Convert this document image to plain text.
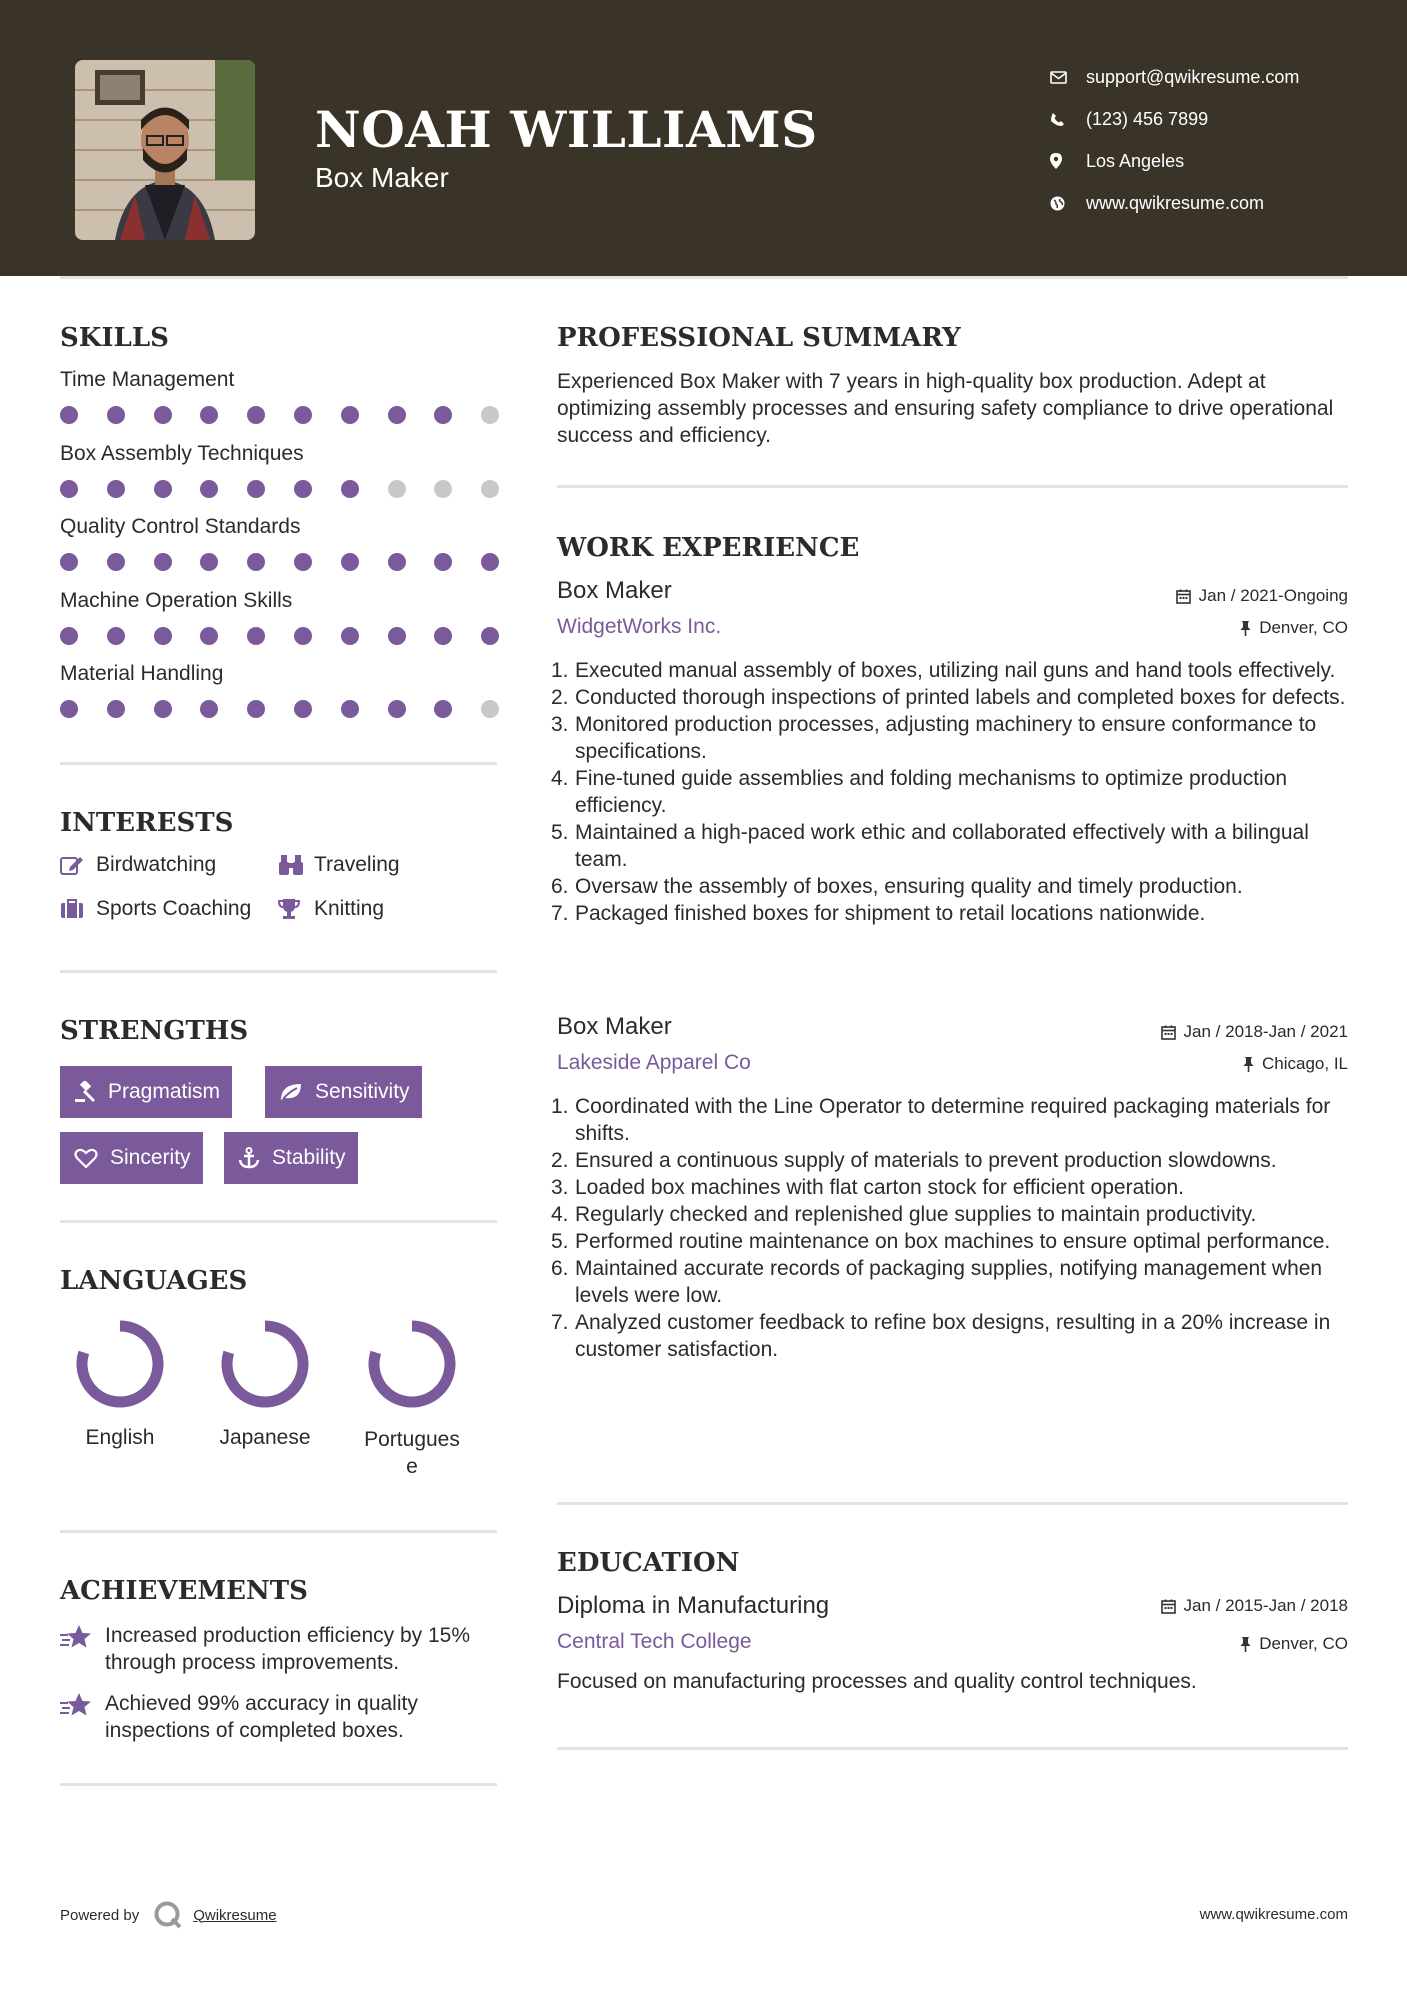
NOAH WILLIAMS
Box Maker
support@qwikresume.com
(123) 456 7899
Los Angeles
www.qwikresume.com
SKILLS
Time Management
Box Assembly Techniques
Quality Control Standards
Machine Operation Skills
Material Handling
INTERESTS
Birdwatching	Traveling
Sports Coaching	Knitting
STRENGTHS
Pragmatism	Sensitivity
Sincerity	Stability
LANGUAGES
English	Japanese	Portugues
e
ACHIEVEMENTS
Increased production efficiency by 15% through process improvements.
Achieved 99% accuracy in quality inspections of completed boxes.
PROFESSIONAL SUMMARY
Experienced Box Maker with 7 years in high-quality box production. Adept at optimizing assembly processes and ensuring safety compliance to drive operational success and efficiency.
WORK EXPERIENCE
Box Maker	Jan / 2021-Ongoing
WidgetWorks Inc.	Denver, CO
1. Executed manual assembly of boxes, utilizing nail guns and hand tools effectively.
2. Conducted thorough inspections of printed labels and completed boxes for defects.
3. Monitored production processes, adjusting machinery to ensure conformance to specifications.
4. Fine-tuned guide assemblies and folding mechanisms to optimize production efficiency.
5. Maintained a high-paced work ethic and collaborated effectively with a bilingual team.
6. Oversaw the assembly of boxes, ensuring quality and timely production.
7. Packaged finished boxes for shipment to retail locations nationwide.
Box Maker	Jan / 2018-Jan / 2021
Lakeside Apparel Co	Chicago, IL
1. Coordinated with the Line Operator to determine required packaging materials for shifts.
2. Ensured a continuous supply of materials to prevent production slowdowns.
3. Loaded box machines with flat carton stock for efficient operation.
4. Regularly checked and replenished glue supplies to maintain productivity.
5. Performed routine maintenance on box machines to ensure optimal performance.
6. Maintained accurate records of packaging supplies, notifying management when levels were low.
7. Analyzed customer feedback to refine box designs, resulting in a 20% increase in customer satisfaction.
EDUCATION
Diploma in Manufacturing	Jan / 2015-Jan / 2018
Central Tech College	Denver, CO
Focused on manufacturing processes and quality control techniques.
Powered by	Qwikresume	www.qwikresume.com
